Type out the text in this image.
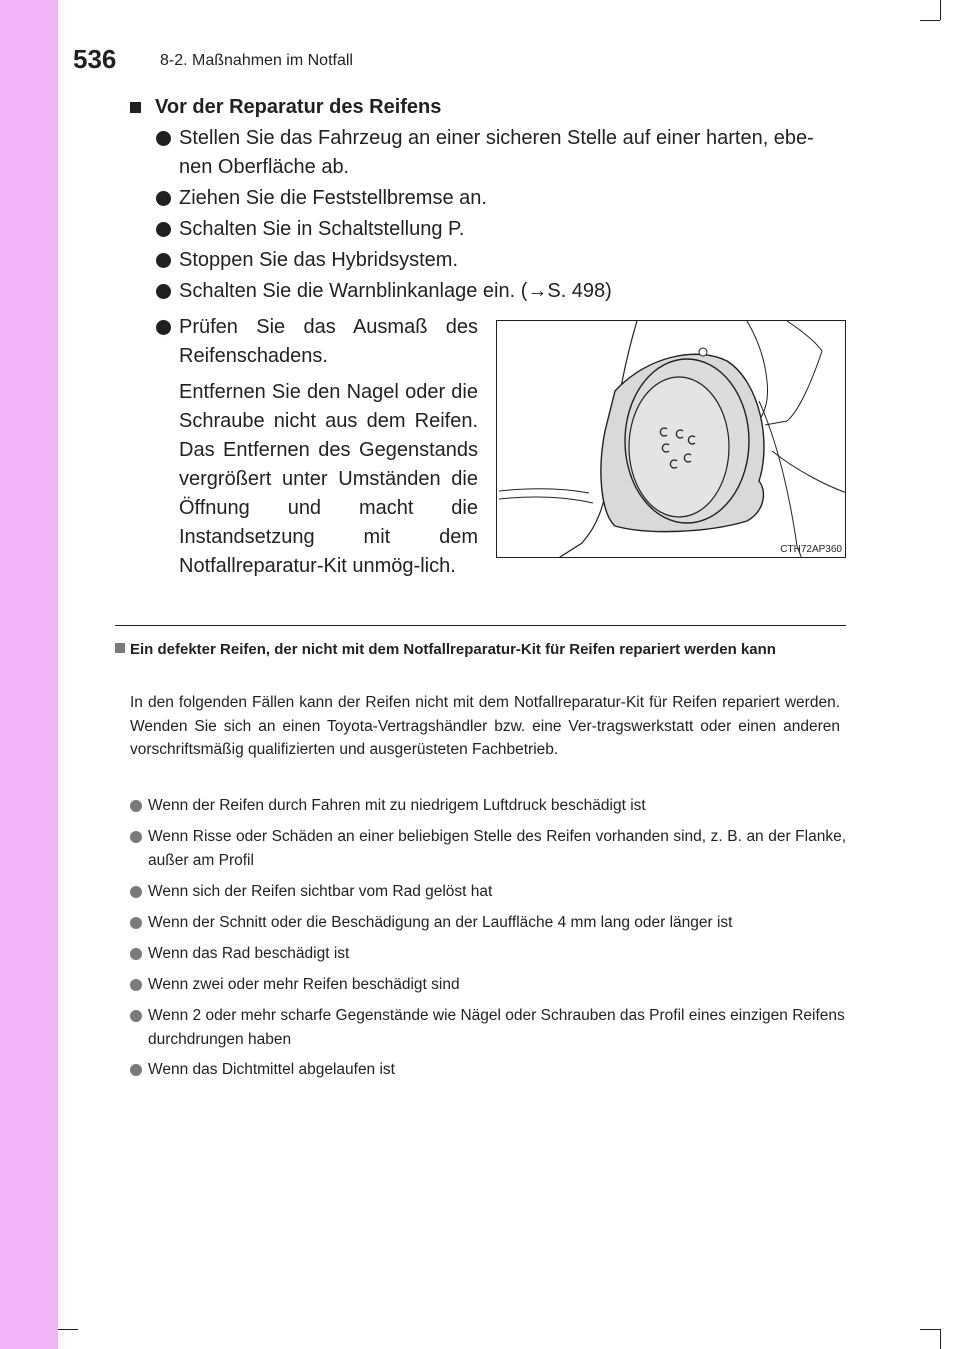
536	8-2. Maßnahmen im Notfall
Vor der Reparatur des Reifens
Stellen Sie das Fahrzeug an einer sicheren Stelle auf einer harten, ebe-nen Oberfläche ab.
Ziehen Sie die Feststellbremse an.
Schalten Sie in Schaltstellung P.
Stoppen Sie das Hybridsystem.
Schalten Sie die Warnblinkanlage ein. (→S. 498)
Prüfen Sie das Ausmaß des Reifenschadens.
Entfernen Sie den Nagel oder die Schraube nicht aus dem Reifen. Das Entfernen des Gegenstands vergrößert unter Umständen die Öffnung und macht die Instandsetzung mit dem Notfallreparatur-Kit unmög-lich.
CTH72AP360
Ein defekter Reifen, der nicht mit dem Notfallreparatur-Kit für Reifen repariert werden kann
In den folgenden Fällen kann der Reifen nicht mit dem Notfallreparatur-Kit für Reifen repariert werden. Wenden Sie sich an einen Toyota-Vertragshändler bzw. eine Ver-tragswerkstatt oder einen anderen vorschriftsmäßig qualifizierten und ausgerüsteten Fachbetrieb.
Wenn der Reifen durch Fahren mit zu niedrigem Luftdruck beschädigt ist
Wenn Risse oder Schäden an einer beliebigen Stelle des Reifen vorhanden sind, z. B. an der Flanke, außer am Profil
Wenn sich der Reifen sichtbar vom Rad gelöst hat
Wenn der Schnitt oder die Beschädigung an der Lauffläche 4 mm lang oder länger ist
Wenn das Rad beschädigt ist
Wenn zwei oder mehr Reifen beschädigt sind
Wenn 2 oder mehr scharfe Gegenstände wie Nägel oder Schrauben das Profil eines einzigen Reifens durchdrungen haben
Wenn das Dichtmittel abgelaufen ist
